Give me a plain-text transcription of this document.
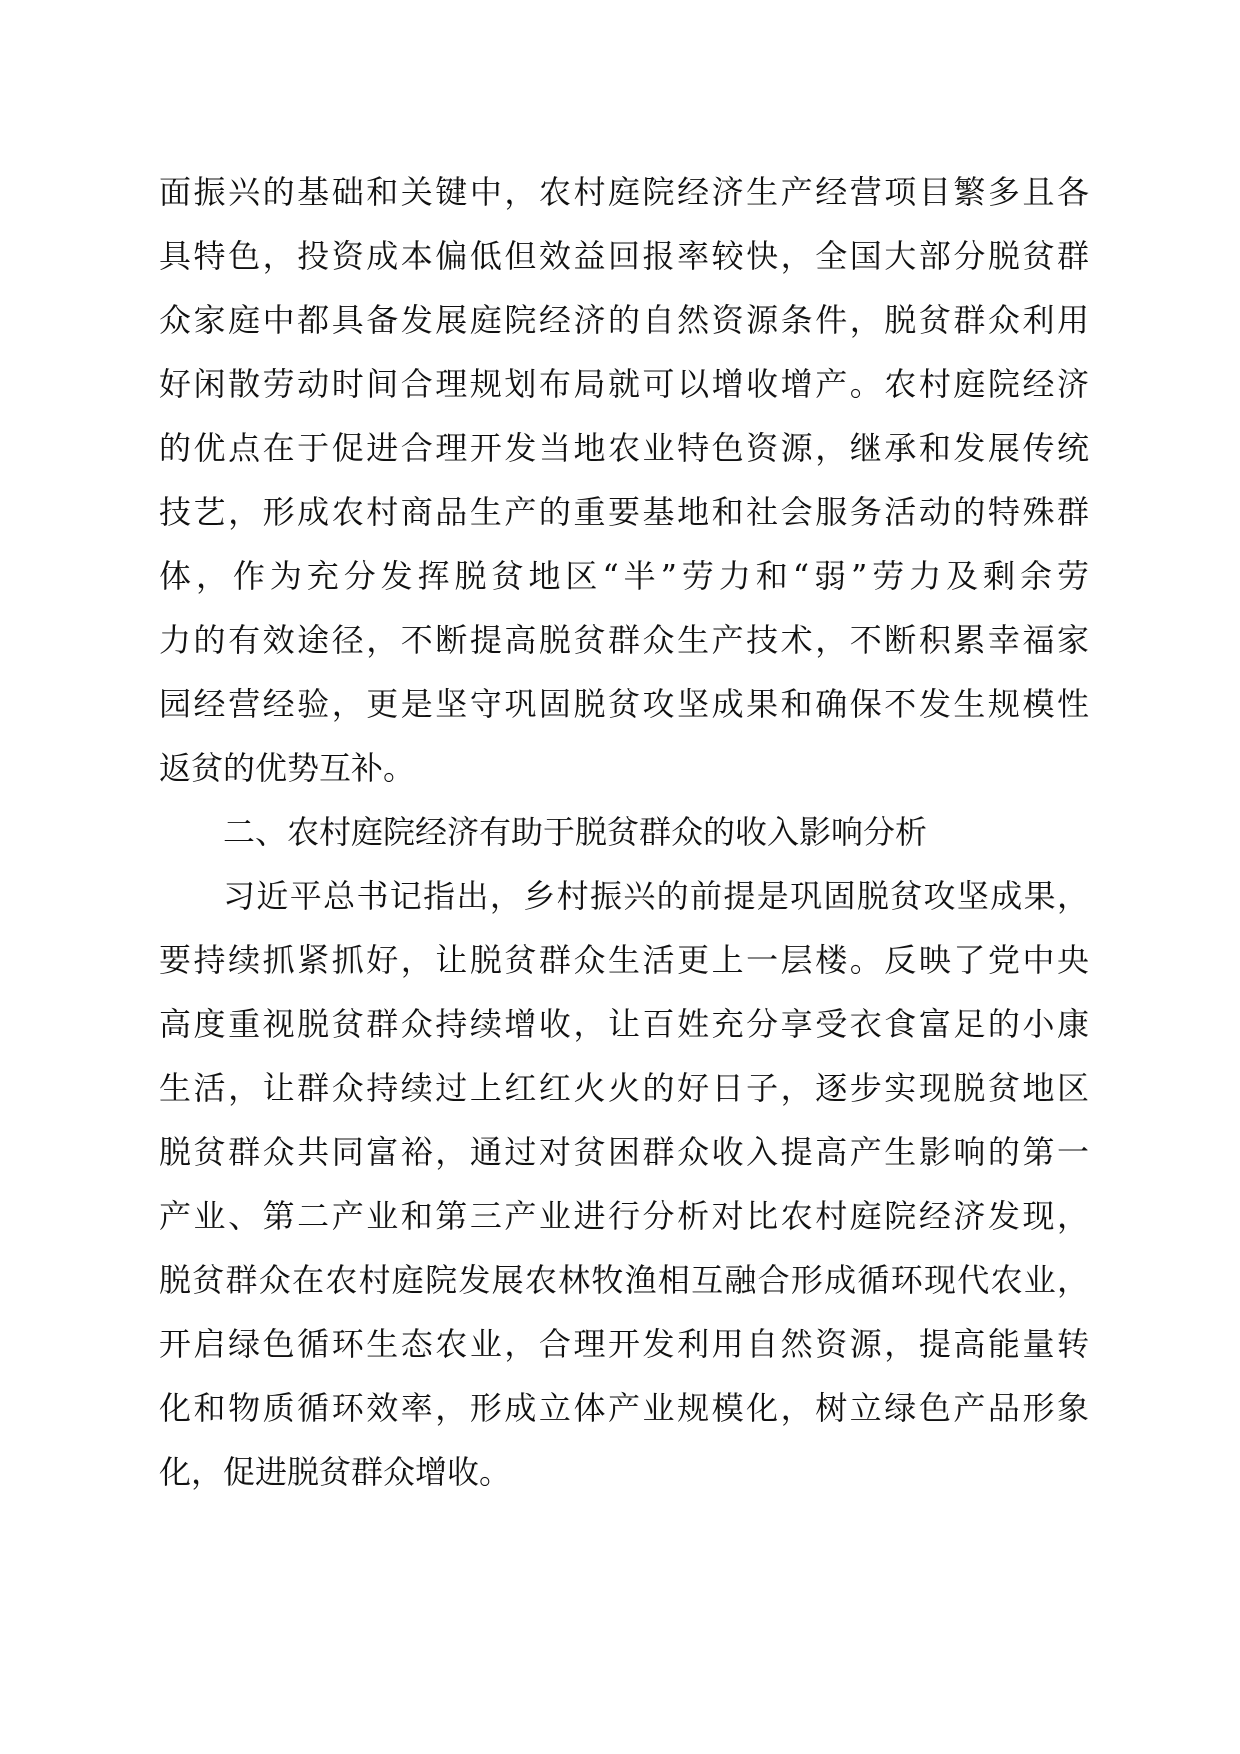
面振兴的基础和关键中，农村庭院经济生产经营项目繁多且各
具特色，投资成本偏低但效益回报率较快，全国大部分脱贫群
众家庭中都具备发展庭院经济的自然资源条件，脱贫群众利用
好闲散劳动时间合理规划布局就可以增收增产。农村庭院经济
的优点在于促进合理开发当地农业特色资源，继承和发展传统
技艺，形成农村商品生产的重要基地和社会服务活动的特殊群
体，作为充分发挥脱贫地区“半”劳力和“弱”劳力及剩余劳
力的有效途径，不断提高脱贫群众生产技术，不断积累幸福家
园经营经验，更是坚守巩固脱贫攻坚成果和确保不发生规模性
返贫的优势互补。
二、农村庭院经济有助于脱贫群众的收入影响分析
习近平总书记指出，乡村振兴的前提是巩固脱贫攻坚成果，
要持续抓紧抓好，让脱贫群众生活更上一层楼。反映了党中央
高度重视脱贫群众持续增收，让百姓充分享受衣食富足的小康
生活，让群众持续过上红红火火的好日子，逐步实现脱贫地区
脱贫群众共同富裕，通过对贫困群众收入提高产生影响的第一
产业、第二产业和第三产业进行分析对比农村庭院经济发现，
脱贫群众在农村庭院发展农林牧渔相互融合形成循环现代农业，
开启绿色循环生态农业，合理开发利用自然资源，提高能量转
化和物质循环效率，形成立体产业规模化，树立绿色产品形象
化，促进脱贫群众增收。
